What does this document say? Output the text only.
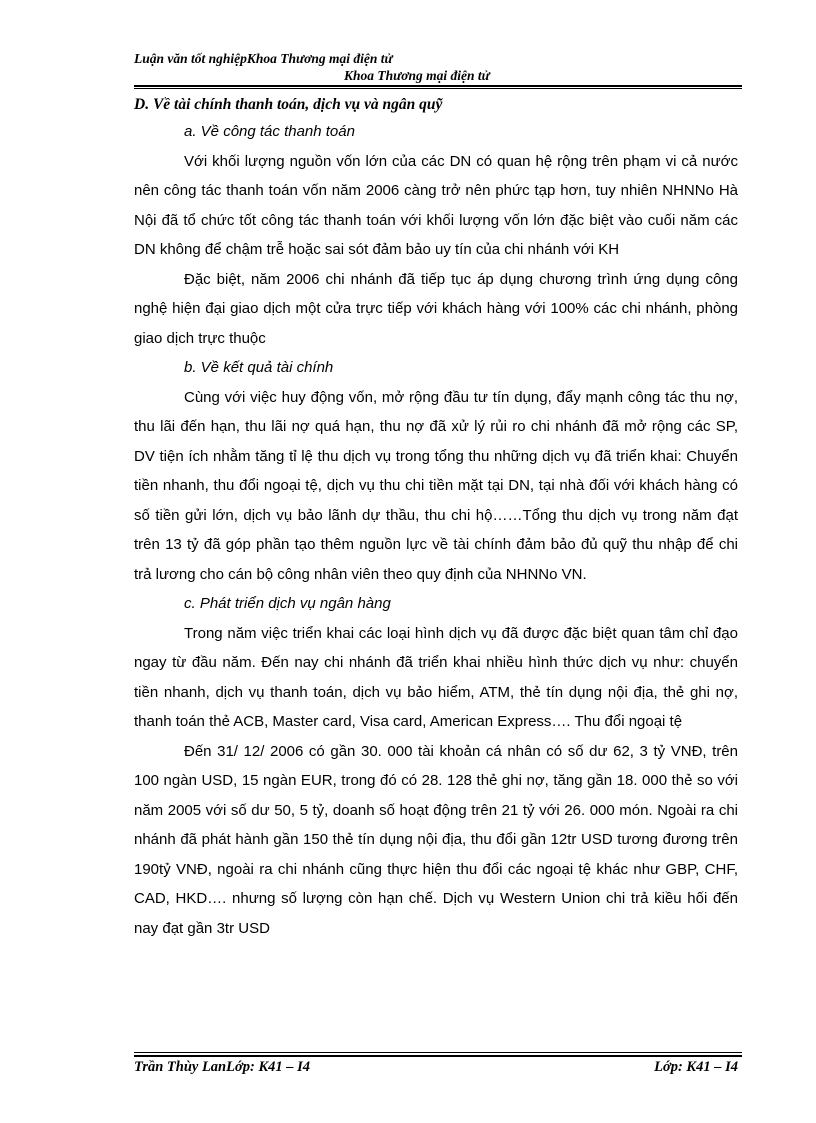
Luận văn tốt nghiệpKhoa Thương mại điện tử
Khoa Thương mại điện tử
D. Về tài chính thanh toán, dịch vụ và ngân quỹ

a. Về công tác thanh toán

Với khối lượng nguồn vốn lớn của các DN có quan hệ rộng trên phạm vi cả nước nên công tác thanh toán vốn năm 2006 càng trở nên phức tạp hơn, tuy nhiên NHNNo Hà Nội đã tổ chức tốt công tác thanh toán với khối lượng vốn lớn đặc biệt vào cuối năm các DN không để chậm trễ hoặc sai sót đảm bảo uy tín của chi nhánh với KH

Đặc biệt, năm 2006 chi nhánh đã tiếp tục áp dụng chương trình ứng dụng công nghệ hiện đại giao dịch một cửa trực tiếp với khách hàng với 100% các chi nhánh, phòng giao dịch trực thuộc

b. Về kết quả tài chính

Cùng với việc huy động vốn, mở rộng đầu tư tín dụng, đẩy mạnh công tác thu nợ, thu lãi đến hạn, thu lãi nợ quá hạn, thu nợ đã xử lý rủi ro chi nhánh đã mở rộng các SP, DV tiện ích nhằm tăng tỉ lệ thu dịch vụ trong tổng thu những dịch vụ đã triển khai: Chuyển tiền nhanh, thu đổi ngoại tệ, dịch vụ thu chi tiền mặt tại DN, tại nhà đối với khách hàng có số tiền gửi lớn, dịch vụ bảo lãnh dự thầu, thu chi hộ……Tổng thu dịch vụ trong năm đạt trên 13 tỷ đã góp phần tạo thêm nguồn lực về tài chính đảm bảo đủ quỹ thu nhập để chi trả lương cho cán bộ công nhân viên theo quy định của NHNNo VN.

c. Phát triển dịch vụ ngân hàng

Trong năm việc triển khai các loại hình dịch vụ đã được đặc biệt quan tâm chỉ đạo ngay từ đầu năm. Đến nay chi nhánh đã triển khai nhiều hình thức dịch vụ như: chuyển tiền nhanh, dịch vụ thanh toán, dịch vụ bảo hiểm, ATM, thẻ tín dụng nội địa, thẻ ghi nợ, thanh toán thẻ ACB, Master card, Visa card, American Express…. Thu đổi ngoại tệ

Đến 31/ 12/ 2006 có gần 30. 000 tài khoản cá nhân có số dư 62, 3 tỷ VNĐ, trên 100 ngàn USD, 15 ngàn EUR, trong đó có 28. 128 thẻ ghi nợ, tăng gần 18. 000 thẻ so với năm 2005 với số dư 50, 5 tỷ, doanh số hoạt động trên 21 tỷ với 26. 000 món. Ngoài ra chi nhánh đã phát hành gần 150 thẻ tín dụng nội địa, thu đổi gần 12tr USD tương đương trên 190tỷ VNĐ, ngoài ra chi nhánh cũng thực hiện thu đổi các ngoại tệ khác như GBP, CHF, CAD, HKD…. nhưng số lượng còn hạn chế. Dịch vụ Western Union chi trả kiều hối đến nay đạt gần 3tr USD

Trần Thùy LanLớp: K41 – I4	Lớp: K41 – I4
